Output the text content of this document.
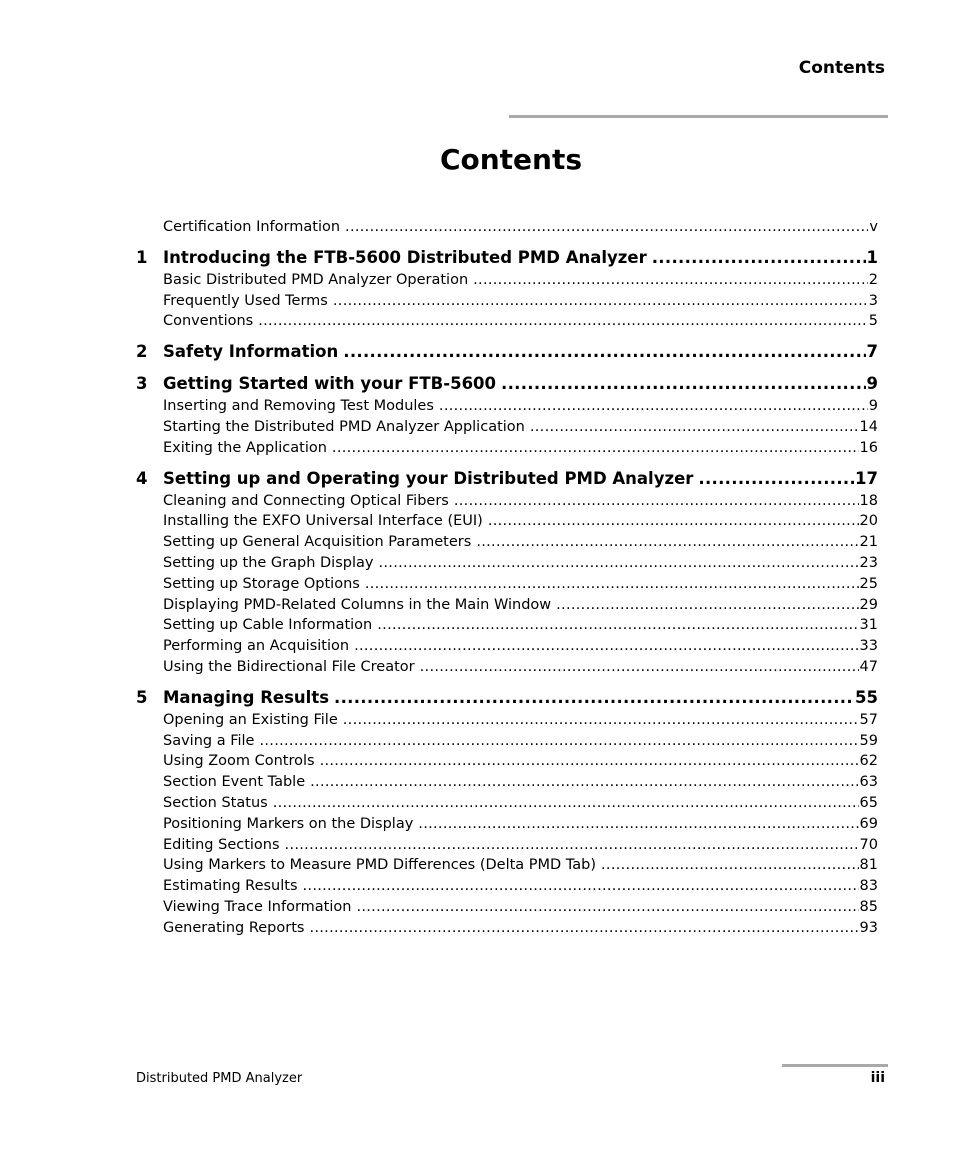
Contents
Contents
Certification Information .....	v
1 Introducing the FTB-5600 Distributed PMD Analyzer .....	1
Basic Distributed PMD Analyzer Operation .....	2
Frequently Used Terms .....	3
Conventions .....	5
2 Safety Information .....	7
3 Getting Started with your FTB-5600 .....	9
Inserting and Removing Test Modules .....	9
Starting the Distributed PMD Analyzer Application .....	14
Exiting the Application .....	16
4 Setting up and Operating your Distributed PMD Analyzer .....	17
Cleaning and Connecting Optical Fibers .....	18
Installing the EXFO Universal Interface (EUI) .....	20
Setting up General Acquisition Parameters .....	21
Setting up the Graph Display .....	23
Setting up Storage Options .....	25
Displaying PMD-Related Columns in the Main Window .....	29
Setting up Cable Information .....	31
Performing an Acquisition .....	33
Using the Bidirectional File Creator .....	47
5 Managing Results .....	55
Opening an Existing File .....	57
Saving a File .....	59
Using Zoom Controls .....	62
Section Event Table .....	63
Section Status .....	65
Positioning Markers on the Display .....	69
Editing Sections .....	70
Using Markers to Measure PMD Differences (Delta PMD Tab) .....	81
Estimating Results .....	83
Viewing Trace Information .....	85
Generating Reports .....	93
Distributed PMD Analyzer	iii
